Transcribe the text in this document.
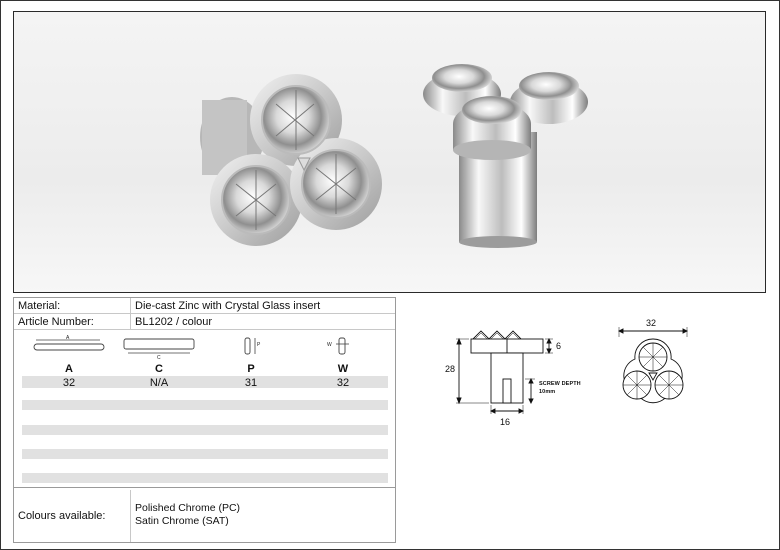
Material:	Die-cast Zinc with Crystal Glass insert
Article Number:	BL1202 / colour
A
C
P	W
A	C	P	W
32	N/A	31	32
Colours available:
Polished Chrome (PC)
Satin Chrome (SAT)
28
6
16
SCREW DEPTH
10mm
32
